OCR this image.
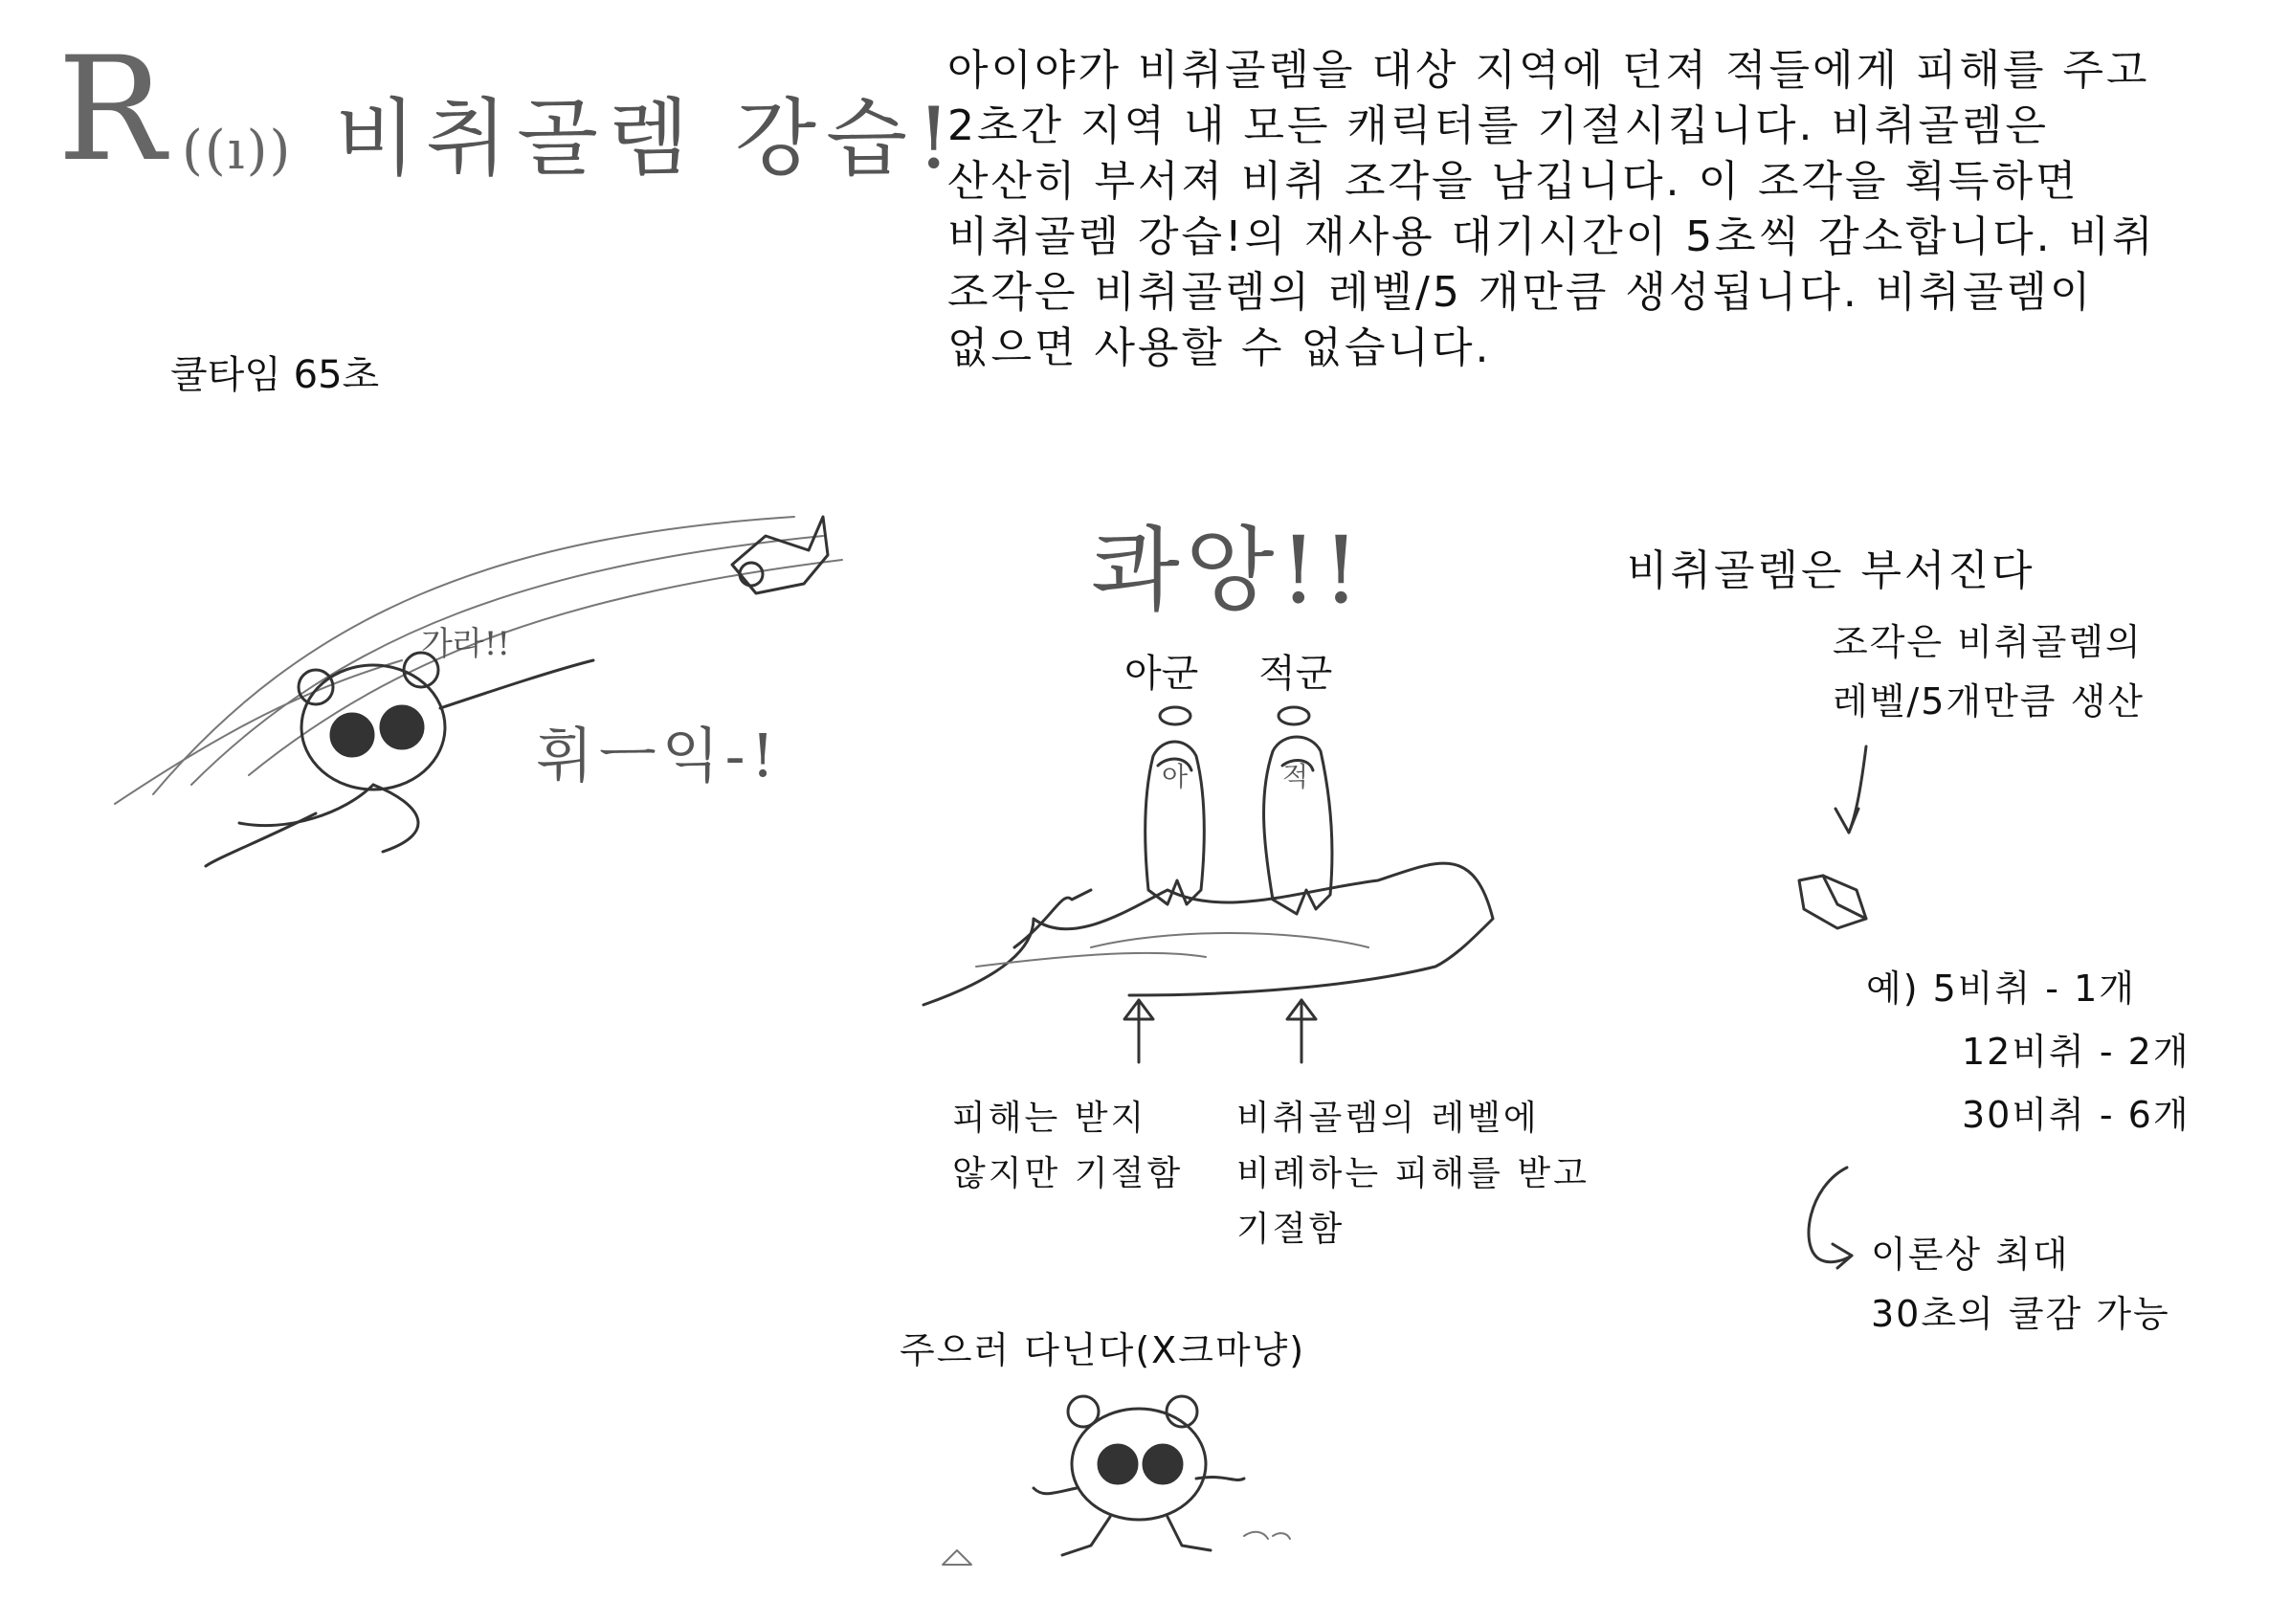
R ((ı)) 비취골렘 강습!
쿨타임 65초
아이야가 비취골렘을 대상 지역에 던져 적들에게 피해를 주고
2초간 지역 내 모든 캐릭터를 기절시킵니다. 비취골렘은
산산히 부서져 비취 조각을 남깁니다. 이 조각을 획득하면
비취골렘 강습!의 재사용 대기시간이 5초씩 감소합니다. 비취
조각은 비취골렘의 레벨/5 개만큼 생성됩니다. 비취골렘이
없으면 사용할 수 없습니다.
가라!!
휘ㅡ익-!
콰앙!!
아군 적군
아	적
피해는 받지
않지만 기절함
비취골렘의 레벨에
비례하는 피해를 받고
기절함
주으러 다닌다(X크마냥)
비취골렘은 부서진다
조각은 비취골렘의
레벨/5개만큼 생산
예) 5비취 - 1개
12비취 - 2개
30비취 - 6개
이론상 최대
30초의 쿨감 가능
